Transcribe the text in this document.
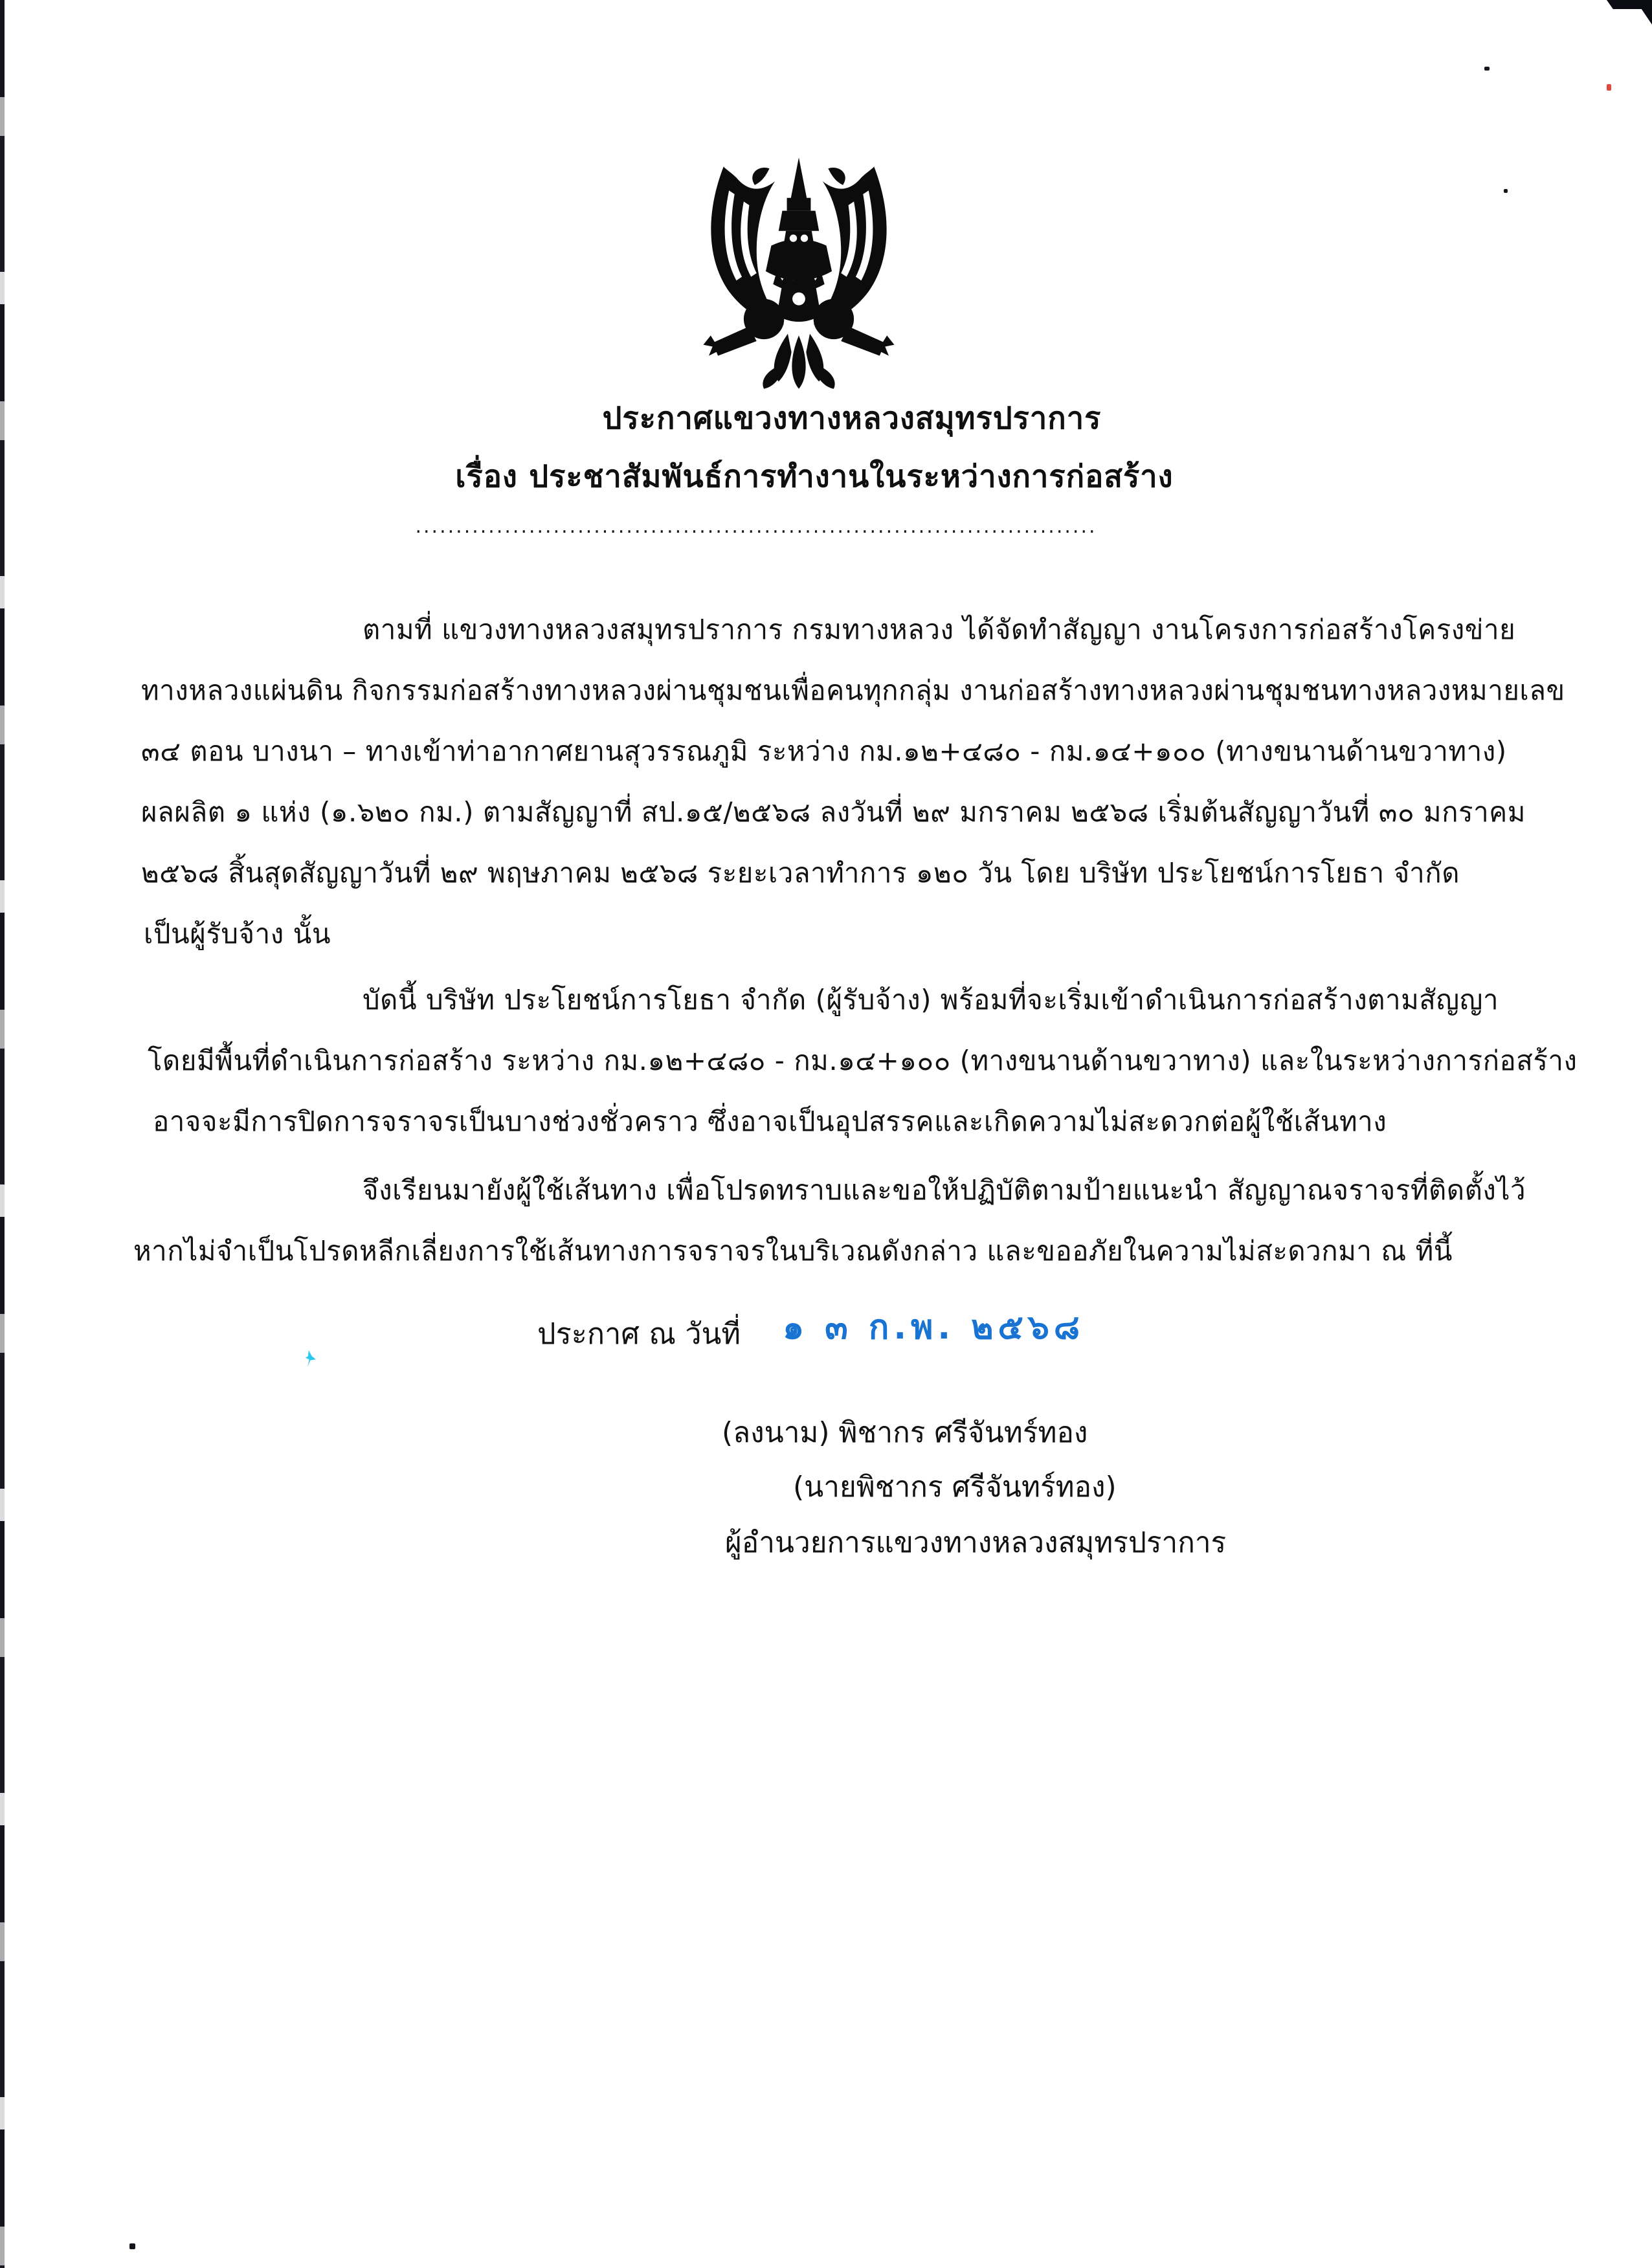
ประกาศแขวงทางหลวงสมุทรปราการ
เรื่อง ประชาสัมพันธ์การทำงานในระหว่างการก่อสร้าง
....................................................................................
ตามที่ แขวงทางหลวงสมุทรปราการ กรมทางหลวง ได้จัดทำสัญญา งานโครงการก่อสร้างโครงข่าย
ทางหลวงแผ่นดิน กิจกรรมก่อสร้างทางหลวงผ่านชุมชนเพื่อคนทุกกลุ่ม งานก่อสร้างทางหลวงผ่านชุมชนทางหลวงหมายเลข
๓๔ ตอน บางนา – ทางเข้าท่าอากาศยานสุวรรณภูมิ ระหว่าง กม.๑๒+๔๘๐ - กม.๑๔+๑๐๐ (ทางขนานด้านขวาทาง)
ผลผลิต ๑ แห่ง (๑.๖๒๐ กม.) ตามสัญญาที่ สป.๑๕/๒๕๖๘ ลงวันที่ ๒๙ มกราคม ๒๕๖๘ เริ่มต้นสัญญาวันที่ ๓๐ มกราคม
๒๕๖๘ สิ้นสุดสัญญาวันที่ ๒๙ พฤษภาคม ๒๕๖๘ ระยะเวลาทำการ ๑๒๐ วัน โดย บริษัท ประโยชน์การโยธา จำกัด
เป็นผู้รับจ้าง นั้น
บัดนี้ บริษัท ประโยชน์การโยธา จำกัด (ผู้รับจ้าง) พร้อมที่จะเริ่มเข้าดำเนินการก่อสร้างตามสัญญา
โดยมีพื้นที่ดำเนินการก่อสร้าง ระหว่าง กม.๑๒+๔๘๐ - กม.๑๔+๑๐๐ (ทางขนานด้านขวาทาง) และในระหว่างการก่อสร้าง
อาจจะมีการปิดการจราจรเป็นบางช่วงชั่วคราว ซึ่งอาจเป็นอุปสรรคและเกิดความไม่สะดวกต่อผู้ใช้เส้นทาง
จึงเรียนมายังผู้ใช้เส้นทาง เพื่อโปรดทราบและขอให้ปฏิบัติตามป้ายแนะนำ สัญญาณจราจรที่ติดตั้งไว้
หากไม่จำเป็นโปรดหลีกเลี่ยงการใช้เส้นทางการจราจรในบริเวณดังกล่าว และขออภัยในความไม่สะดวกมา ณ ที่นี้
ประกาศ ณ วันที่ ๑ ๓ ก.พ. ๒๕๖๘
(ลงนาม) พิชากร ศรีจันทร์ทอง
(นายพิชากร ศรีจันทร์ทอง)
ผู้อำนวยการแขวงทางหลวงสมุทรปราการ
